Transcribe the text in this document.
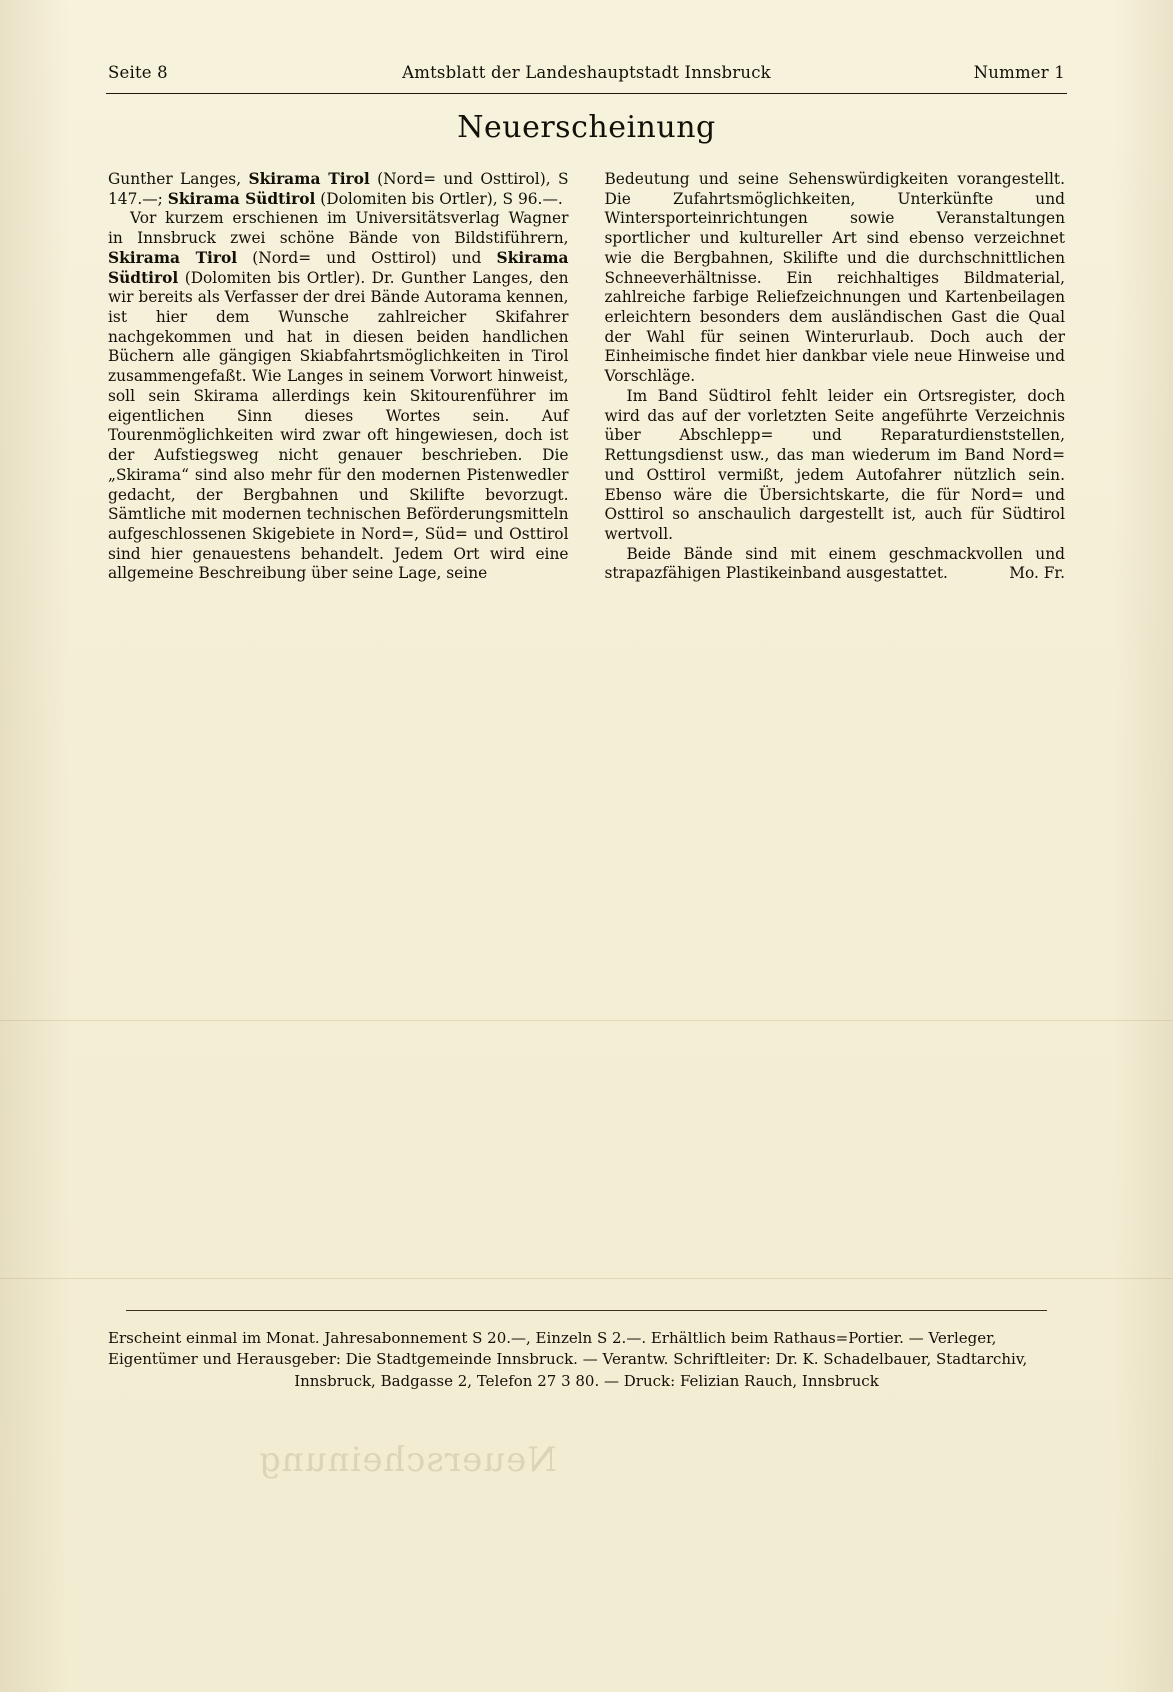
Seite 8	Amtsblatt der Landeshauptstadt Innsbruck	Nummer 1
Neuerscheinung

Gunther Langes, Skirama Tirol (Nord= und Osttirol), S 147.—; Skirama Südtirol (Dolomiten bis Ortler), S 96.—.

Vor kurzem erschienen im Universitätsverlag Wagner in Innsbruck zwei schöne Bände von Bildstiführern, Skirama Tirol (Nord= und Osttirol) und Skirama Südtirol (Dolomiten bis Ortler). Dr. Gunther Langes, den wir bereits als Verfasser der drei Bände Autorama kennen, ist hier dem Wunsche zahlreicher Skifahrer nachgekommen und hat in diesen beiden handlichen Büchern alle gängigen Skiabfahrtsmöglichkeiten in Tirol zusammengefaßt. Wie Langes in seinem Vorwort hinweist, soll sein Skirama allerdings kein Skitourenführer im eigentlichen Sinn dieses Wortes sein. Auf Tourenmöglichkeiten wird zwar oft hingewiesen, doch ist der Aufstiegsweg nicht genauer beschrieben. Die „Skirama“ sind also mehr für den modernen Pistenwedler gedacht, der Bergbahnen und Skilifte bevorzugt. Sämtliche mit modernen technischen Beförderungsmitteln aufgeschlossenen Skigebiete in Nord=, Süd= und Osttirol sind hier genauestens behandelt. Jedem Ort wird eine allgemeine Beschreibung über seine Lage, seine

Bedeutung und seine Sehenswürdigkeiten vorangestellt. Die Zufahrtsmöglichkeiten, Unterkünfte und Wintersporteinrichtungen sowie Veranstaltungen sportlicher und kultureller Art sind ebenso verzeichnet wie die Bergbahnen, Skilifte und die durchschnittlichen Schneeverhältnisse. Ein reichhaltiges Bildmaterial, zahlreiche farbige Reliefzeichnungen und Kartenbeilagen erleichtern besonders dem ausländischen Gast die Qual der Wahl für seinen Winterurlaub. Doch auch der Einheimische findet hier dankbar viele neue Hinweise und Vorschläge.

Im Band Südtirol fehlt leider ein Ortsregister, doch wird das auf der vorletzten Seite angeführte Verzeichnis über Abschlepp= und Reparaturdienststellen, Rettungsdienst usw., das man wiederum im Band Nord= und Osttirol vermißt, jedem Autofahrer nützlich sein. Ebenso wäre die Übersichtskarte, die für Nord= und Osttirol so anschaulich dargestellt ist, auch für Südtirol wertvoll.

Beide Bände sind mit einem geschmackvollen und strapazfähigen Plastikeinband ausgestattet.	Mo. Fr.

Neuerscheinung
Erscheint einmal im Monat. Jahresabonnement S 20.—, Einzeln S 2.—. Erhältlich beim Rathaus=Portier. — Verleger,
Eigentümer und Herausgeber: Die Stadtgemeinde Innsbruck. — Verantw. Schriftleiter: Dr. K. Schadelbauer, Stadtarchiv,
Innsbruck, Badgasse 2, Telefon 27 3 80. — Druck: Felizian Rauch, Innsbruck
